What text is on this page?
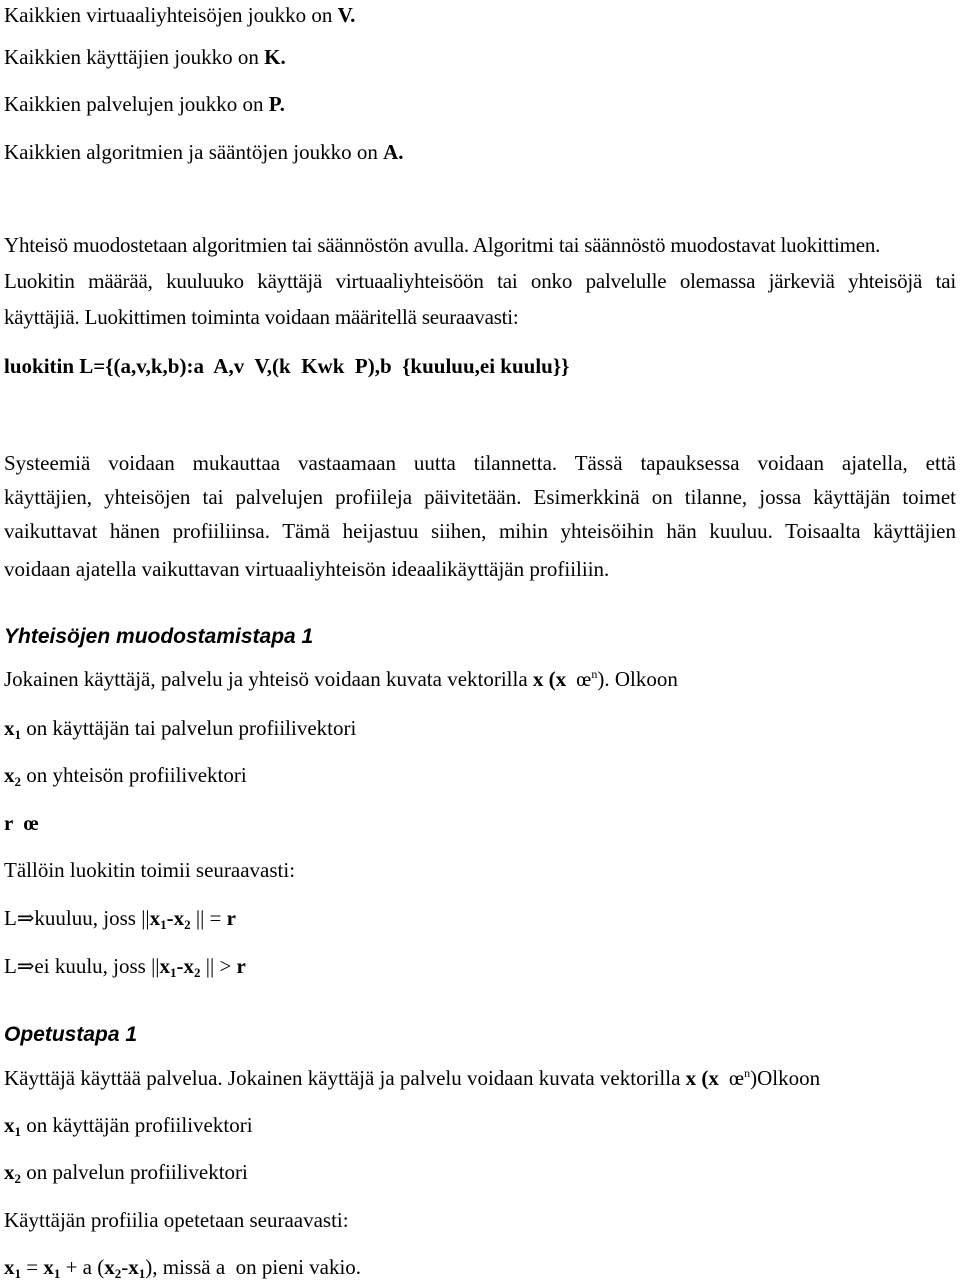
Kaikkien virtuaaliyhteisöjen joukko on V.
Kaikkien käyttäjien joukko on K.
Kaikkien palvelujen joukko on P.
Kaikkien algoritmien ja sääntöjen joukko on A.
Yhteisö muodostetaan algoritmien tai säännöstön avulla. Algoritmi tai säännöstö muodostavat luokittimen.
Luokitin määrää, kuuluuko käyttäjä virtuaaliyhteisöön tai onko palvelulle olemassa järkeviä yhteisöjä tai
käyttäjiä. Luokittimen toiminta voidaan määritellä seuraavasti:
luokitin L={(a,v,k,b):a  A,v  V,(k  Kwk  P),b  {kuuluu,ei kuulu}}
Systeemiä voidaan mukauttaa vastaamaan uutta tilannetta. Tässä tapauksessa voidaan ajatella, että
käyttäjien, yhteisöjen tai palvelujen profiileja päivitetään. Esimerkkinä on tilanne, jossa käyttäjän toimet
vaikuttavat hänen profiiliinsa. Tämä heijastuu siihen, mihin yhteisöihin hän kuuluu. Toisaalta käyttäjien
voidaan ajatella vaikuttavan virtuaaliyhteisön ideaalikäyttäjän profiiliin.
Yhteisöjen muodostamistapa 1
Jokainen käyttäjä, palvelu ja yhteisö voidaan kuvata vektorilla x (x $œ^n$). Olkoon
$x_1$ on käyttäjän tai palvelun profiilivektori
$x_2$ on yhteisön profiilivektori
r  œ
Tällöin luokitin toimii seuraavasti:
L⇒kuuluu, joss $||x_1-x_2$ || = r
L⇒ei kuulu, joss $||x_1-x_2$ || > r
Opetustapa 1
Käyttäjä käyttää palvelua. Jokainen käyttäjä ja palvelu voidaan kuvata vektorilla x (x $œ^n)Olkoon$
$x_1$ on käyttäjän profiilivektori
$x_2$ on palvelun profiilivektori
Käyttäjän profiilia opetetaan seuraavasti:
$x_1 = x_1 + a$ $(x_2-x_1)$, missä a  on pieni vakio.
